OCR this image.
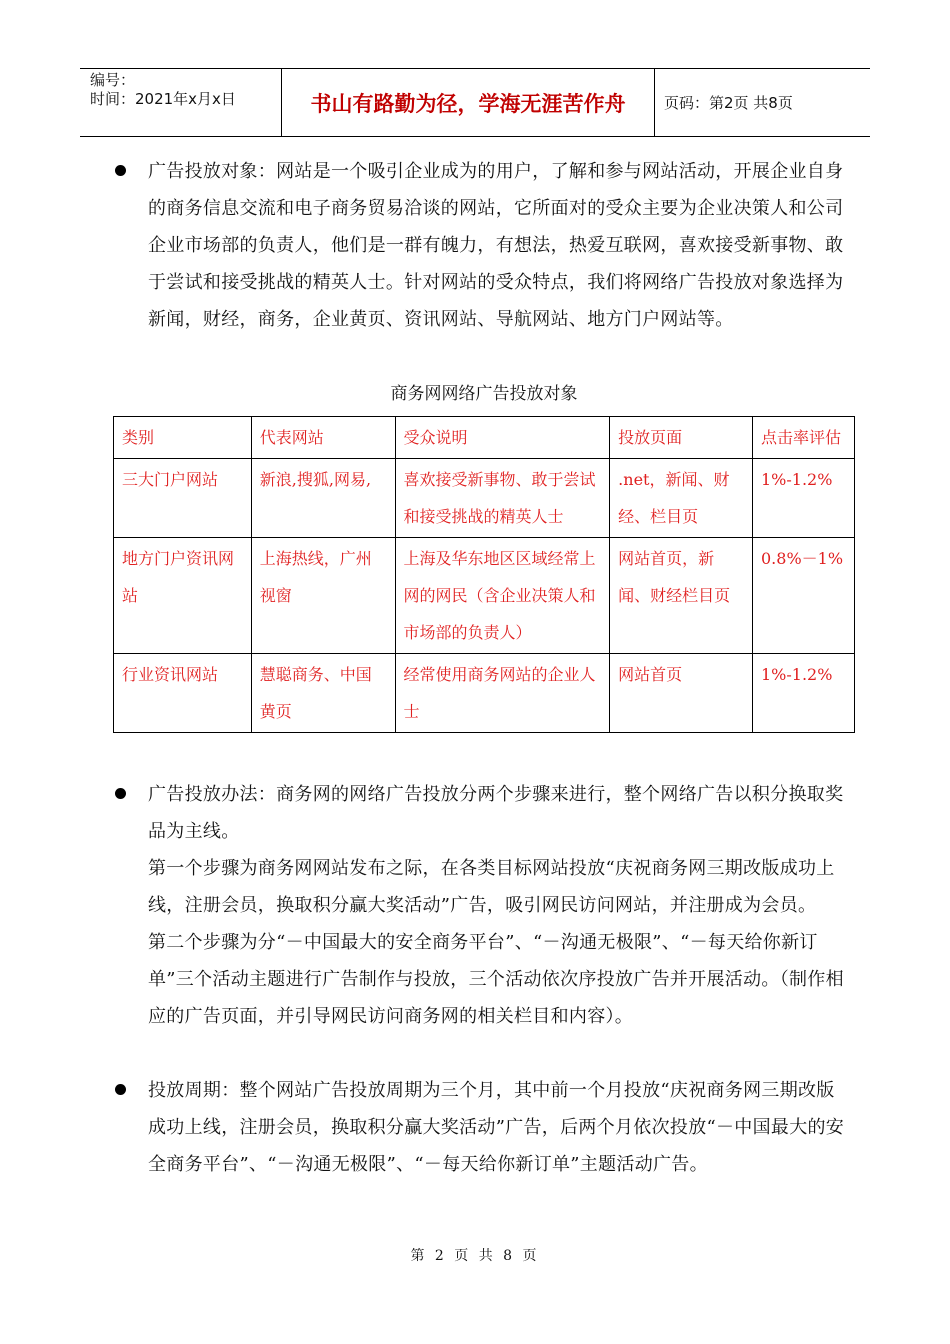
编号：
时间：2021年x月x日	书山有路勤为径，学海无涯苦作舟	页码：第2页 共8页
广告投放对象：网站是一个吸引企业成为的用户，了解和参与网站活动，开展企业自身的商务信息交流和电子商务贸易洽谈的网站，它所面对的受众主要为企业决策人和公司企业市场部的负责人，他们是一群有魄力，有想法，热爱互联网，喜欢接受新事物、敢于尝试和接受挑战的精英人士。针对网站的受众特点，我们将网络广告投放对象选择为新闻，财经，商务，企业黄页、资讯网站、导航网站、地方门户网站等。
商务网网络广告投放对象
类别	代表网站	受众说明	投放页面	点击率评估
三大门户网站	新浪,搜狐,网易,	喜欢接受新事物、敢于尝试和接受挑战的精英人士	.net，新闻、财经、栏目页	1%-1.2%
地方门户资讯网站	上海热线，广州视窗	上海及华东地区区域经常上网的网民（含企业决策人和市场部的负责人）	网站首页，新闻、财经栏目页	0.8%－1%
行业资讯网站	慧聪商务、中国黄页	经常使用商务网站的企业人士	网站首页	1%-1.2%
广告投放办法：商务网的网络广告投放分两个步骤来进行，整个网络广告以积分换取奖品为主线。
第一个步骤为商务网网站发布之际，在各类目标网站投放“庆祝商务网三期改版成功上线，注册会员，换取积分赢大奖活动”广告，吸引网民访问网站，并注册成为会员。
第二个步骤为分“－中国最大的安全商务平台”、“－沟通无极限”、“－每天给你新订单”三个活动主题进行广告制作与投放，三个活动依次序投放广告并开展活动。（制作相应的广告页面，并引导网民访问商务网的相关栏目和内容）。
投放周期：整个网站广告投放周期为三个月，其中前一个月投放“庆祝商务网三期改版成功上线，注册会员，换取积分赢大奖活动”广告，后两个月依次投放“－中国最大的安全商务平台”、“－沟通无极限”、“－每天给你新订单”主题活动广告。
第 2 页 共 8 页
